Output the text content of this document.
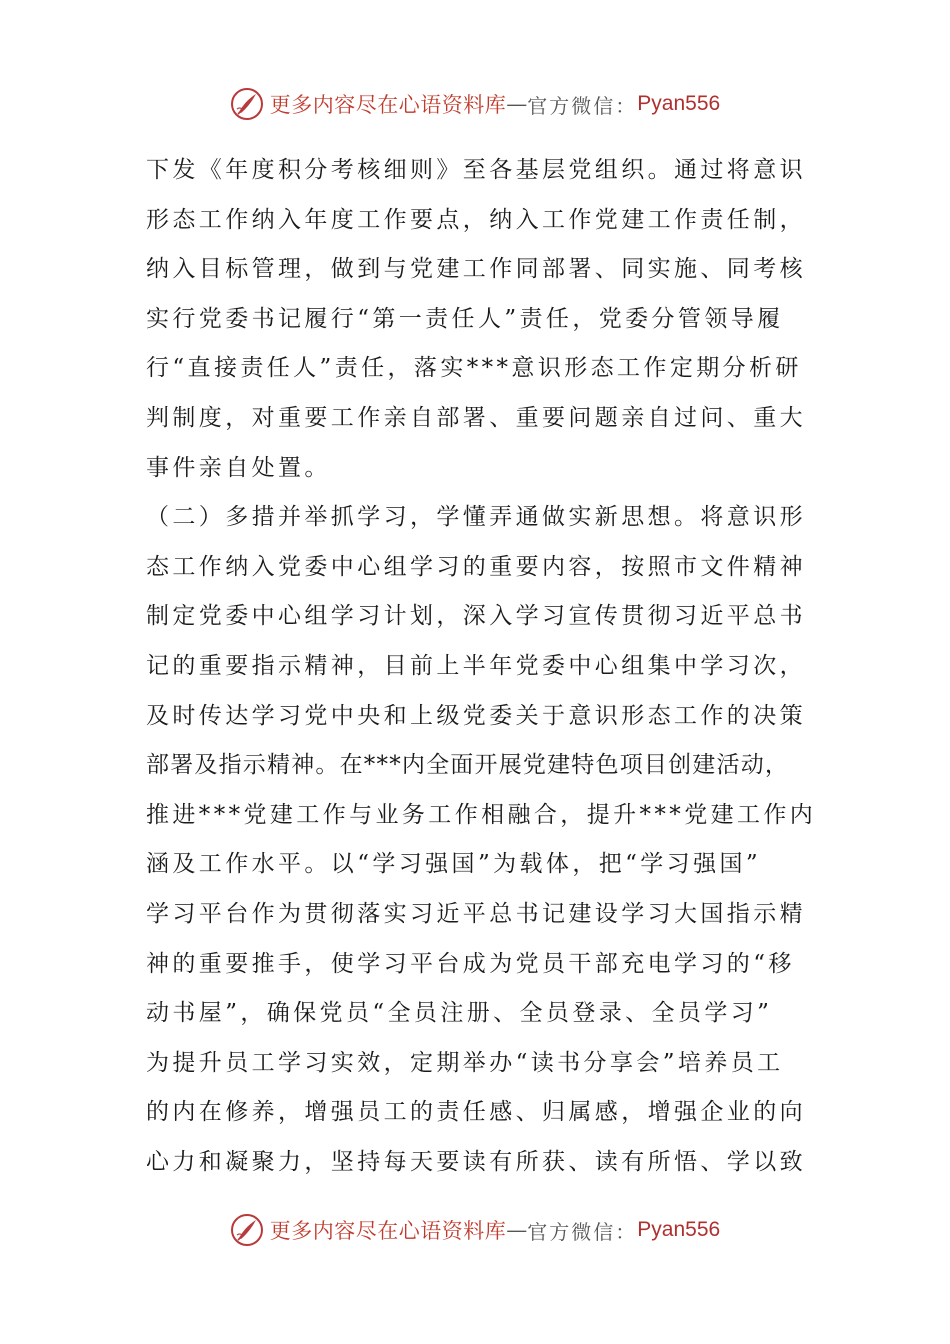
更多内容尽在心语资料库 — 官方微信： Pyan556
下发《年度积分考核细则》至各基层党组织。通过将意识
形态工作纳入年度工作要点，纳入工作党建工作责任制，
纳入目标管理，做到与党建工作同部署、同实施、同考核
实行党委书记履行“第一责任人”责任，党委分管领导履
行“直接责任人”责任，落实***意识形态工作定期分析研
判制度，对重要工作亲自部署、重要问题亲自过问、重大
事件亲自处置。
（二）多措并举抓学习，学懂弄通做实新思想。将意识形
态工作纳入党委中心组学习的重要内容，按照市文件精神
制定党委中心组学习计划，深入学习宣传贯彻习近平总书
记的重要指示精神，目前上半年党委中心组集中学习次，
及时传达学习党中央和上级党委关于意识形态工作的决策
部署及指示精神。在***内全面开展党建特色项目创建活动，
推进***党建工作与业务工作相融合，提升***党建工作内
涵及工作水平。以“学习强国”为载体，把“学习强国”
学习平台作为贯彻落实习近平总书记建设学习大国指示精
神的重要推手，使学习平台成为党员干部充电学习的“移
动书屋”，确保党员“全员注册、全员登录、全员学习”
为提升员工学习实效，定期举办“读书分享会”培养员工
的内在修养，增强员工的责任感、归属感，增强企业的向
心力和凝聚力，坚持每天要读有所获、读有所悟、学以致
更多内容尽在心语资料库 — 官方微信： Pyan556
